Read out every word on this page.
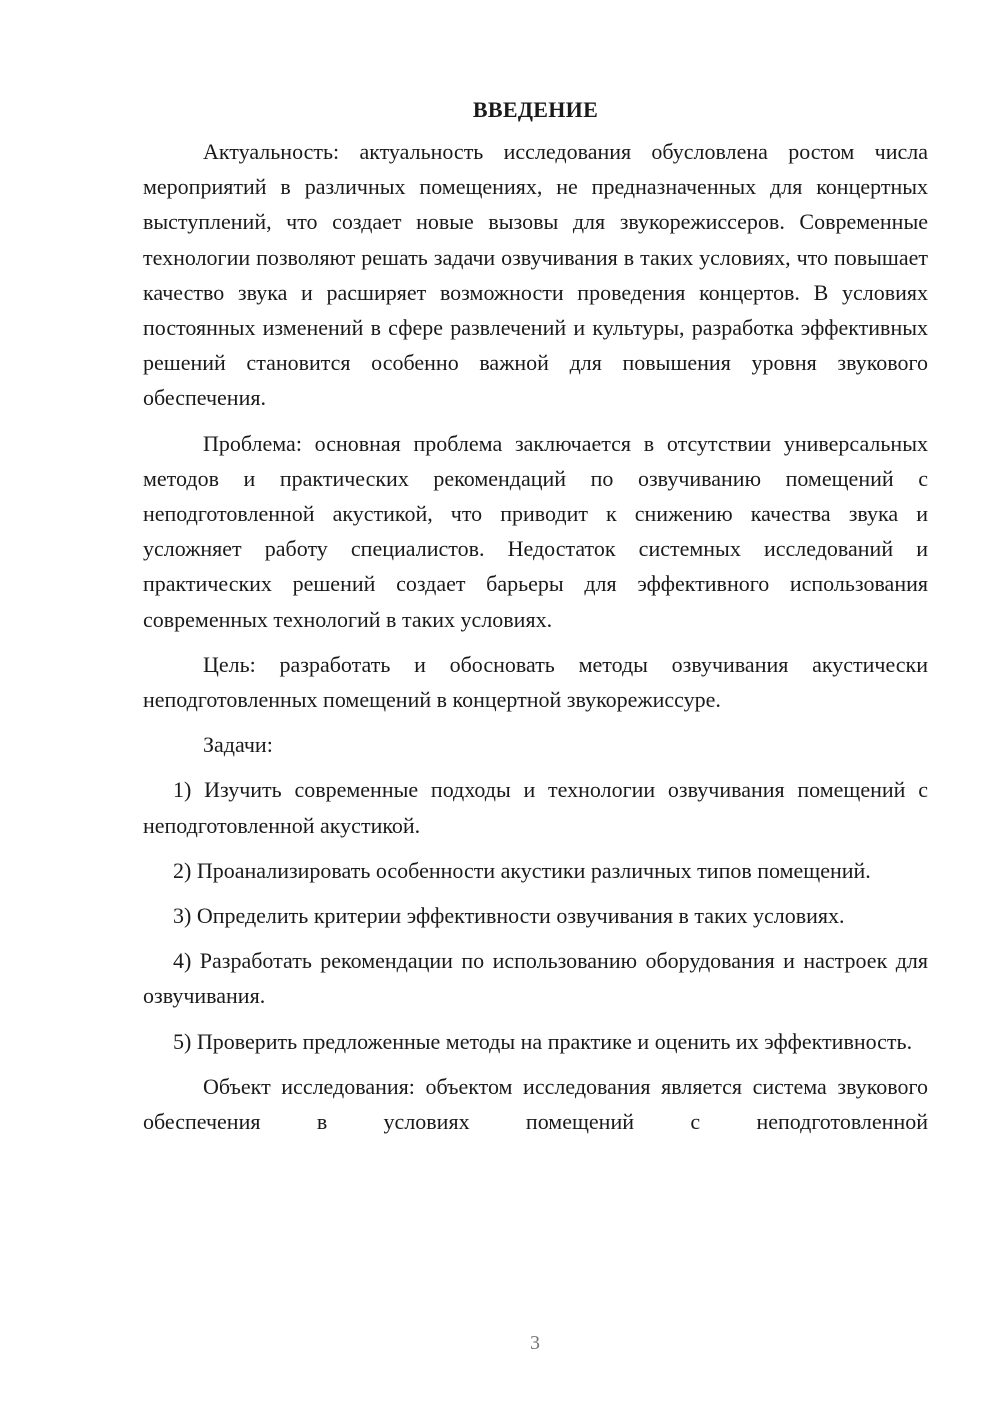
ВВЕДЕНИЕ

Актуальность: актуальность исследования обусловлена ростом числа мероприятий в различных помещениях, не предназначенных для концертных выступлений, что создает новые вызовы для звукорежиссеров. Современные технологии позволяют решать задачи озвучивания в таких условиях, что повышает качество звука и расширяет возможности проведения концертов. В условиях постоянных изменений в сфере развлечений и культуры, разработка эффективных решений становится особенно важной для повышения уровня звукового обеспечения.

Проблема: основная проблема заключается в отсутствии универсальных методов и практических рекомендаций по озвучиванию помещений с неподготовленной акустикой, что приводит к снижению качества звука и усложняет работу специалистов. Недостаток системных исследований и практических решений создает барьеры для эффективного использования современных технологий в таких условиях.

Цель: разработать и обосновать методы озвучивания акустически неподготовленных помещений в концертной звукорежиссуре.

Задачи:

1) Изучить современные подходы и технологии озвучивания помещений с неподготовленной акустикой.

2) Проанализировать особенности акустики различных типов помещений.

3) Определить критерии эффективности озвучивания в таких условиях.

4) Разработать рекомендации по использованию оборудования и настроек для озвучивания.

5) Проверить предложенные методы на практике и оценить их эффективность.

Объект исследования: объектом исследования является система звукового обеспечения в условиях помещений с неподготовленной

3
